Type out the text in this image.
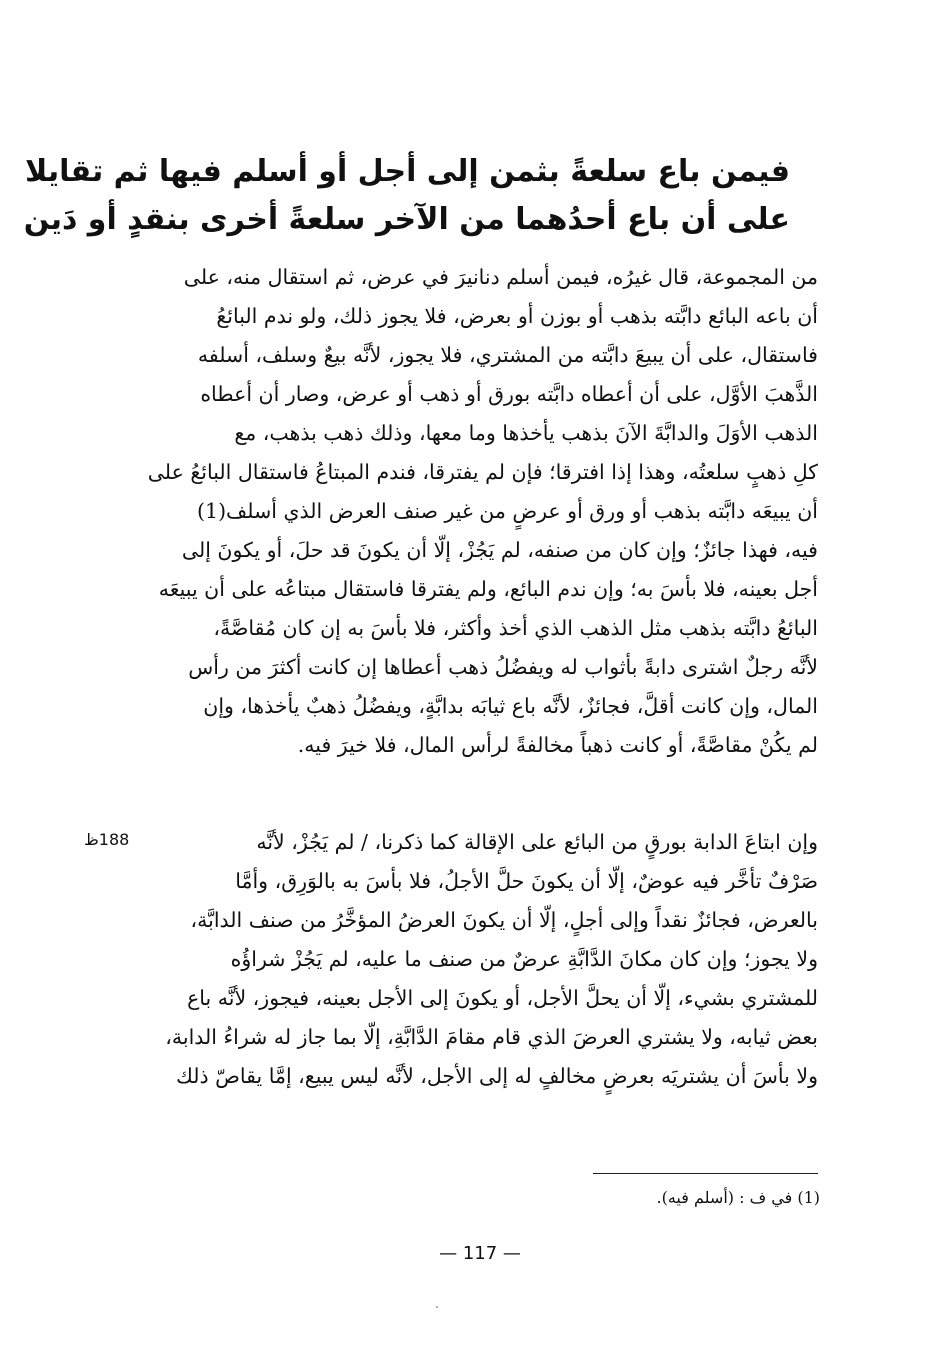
فيمن باع سلعةً بثمن إلى أجل أو أسلم فيها ثم تقايلا
على أن باع أحدُهما من الآخر سلعةً أخرى بنقدٍ أو دَين
من المجموعة، قال غيرُه، فيمن أسلم دنانيرَ في عرض، ثم استقال منه، على
أن باعه البائع دابَّته بذهب أو بوزن أو بعرض، فلا يجوز ذلك، ولو ندم البائعُ
فاستقال، على أن يبيعَ دابَّته من المشتري، فلا يجوز، لأنَّه بيعٌ وسلف، أسلفه
الذَّهبَ الأوَّل، على أن أعطاه دابَّته بورق أو ذهب أو عرض، وصار أن أعطاه
الذهب الأوَلَ والدابَّةَ الآنَ بذهب يأخذها وما معها، وذلك ذهب بذهب، مع
كلِ ذهبٍ سلعتُه، وهذا إذا افترقا؛ فإن لم يفترقا، فندم المبتاعُ فاستقال البائعُ على
أن يبيعَه دابَّته بذهب أو ورق أو عرضٍ من غير صنف العرض الذي أسلف(1)
فيه، فهذا جائزٌ؛ وإن كان من صنفه، لم يَجُزْ، إلّا أن يكونَ قد حلَ، أو يكونَ إلى
أجل بعينه، فلا بأسَ به؛ وإن ندم البائع، ولم يفترقا فاستقال مبتاعُه على أن يبيعَه
البائعُ دابَّته بذهب مثل الذهب الذي أخذ وأكثر، فلا بأسَ به إن كان مُقاصَّةً،
لأنَّه رجلٌ اشترى دابةً بأثواب له ويفضُلُ ذهب أعطاها إن كانت أكثرَ من رأس
المال، وإن كانت أقلَّ، فجائزٌ، لأنَّه باع ثيابَه بدابَّةٍ، ويفضُلُ ذهبٌ يأخذها، وإن
لم يكُنْ مقاصَّةً، أو كانت ذهباً مخالفةً لرأس المال، فلا خيرَ فيه.
188ظ	وإن ابتاعَ الدابة بورقٍ من البائع على الإقالة كما ذكرنا، / لم يَجُزْ، لأنَّه
صَرْفٌ تأخَّر فيه عوضٌ، إلّا أن يكونَ حلَّ الأجلُ، فلا بأسَ به بالوَرِق، وأمَّا
بالعرض، فجائزٌ نقداً وإلى أجلٍ، إلّا أن يكونَ العرضُ المؤخَّرُ من صنف الدابَّة،
ولا يجوز؛ وإن كان مكانَ الدَّابَّةِ عرضٌ من صنف ما عليه، لم يَجُزْ شراؤُه
للمشتري بشيء، إلّا أن يحلَّ الأجل، أو يكونَ إلى الأجل بعينه، فيجوز، لأنَّه باع
بعض ثيابه، ولا يشتري العرضَ الذي قام مقامَ الدَّابَّةِ، إلّا بما جاز له شراءُ الدابة،
ولا بأسَ أن يشتريَه بعرضٍ مخالفٍ له إلى الأجل، لأنَّه ليس يبيع، إمَّا يقاصّ ذلك
(1) في ف : (أسلم فيه).
— 117 —
